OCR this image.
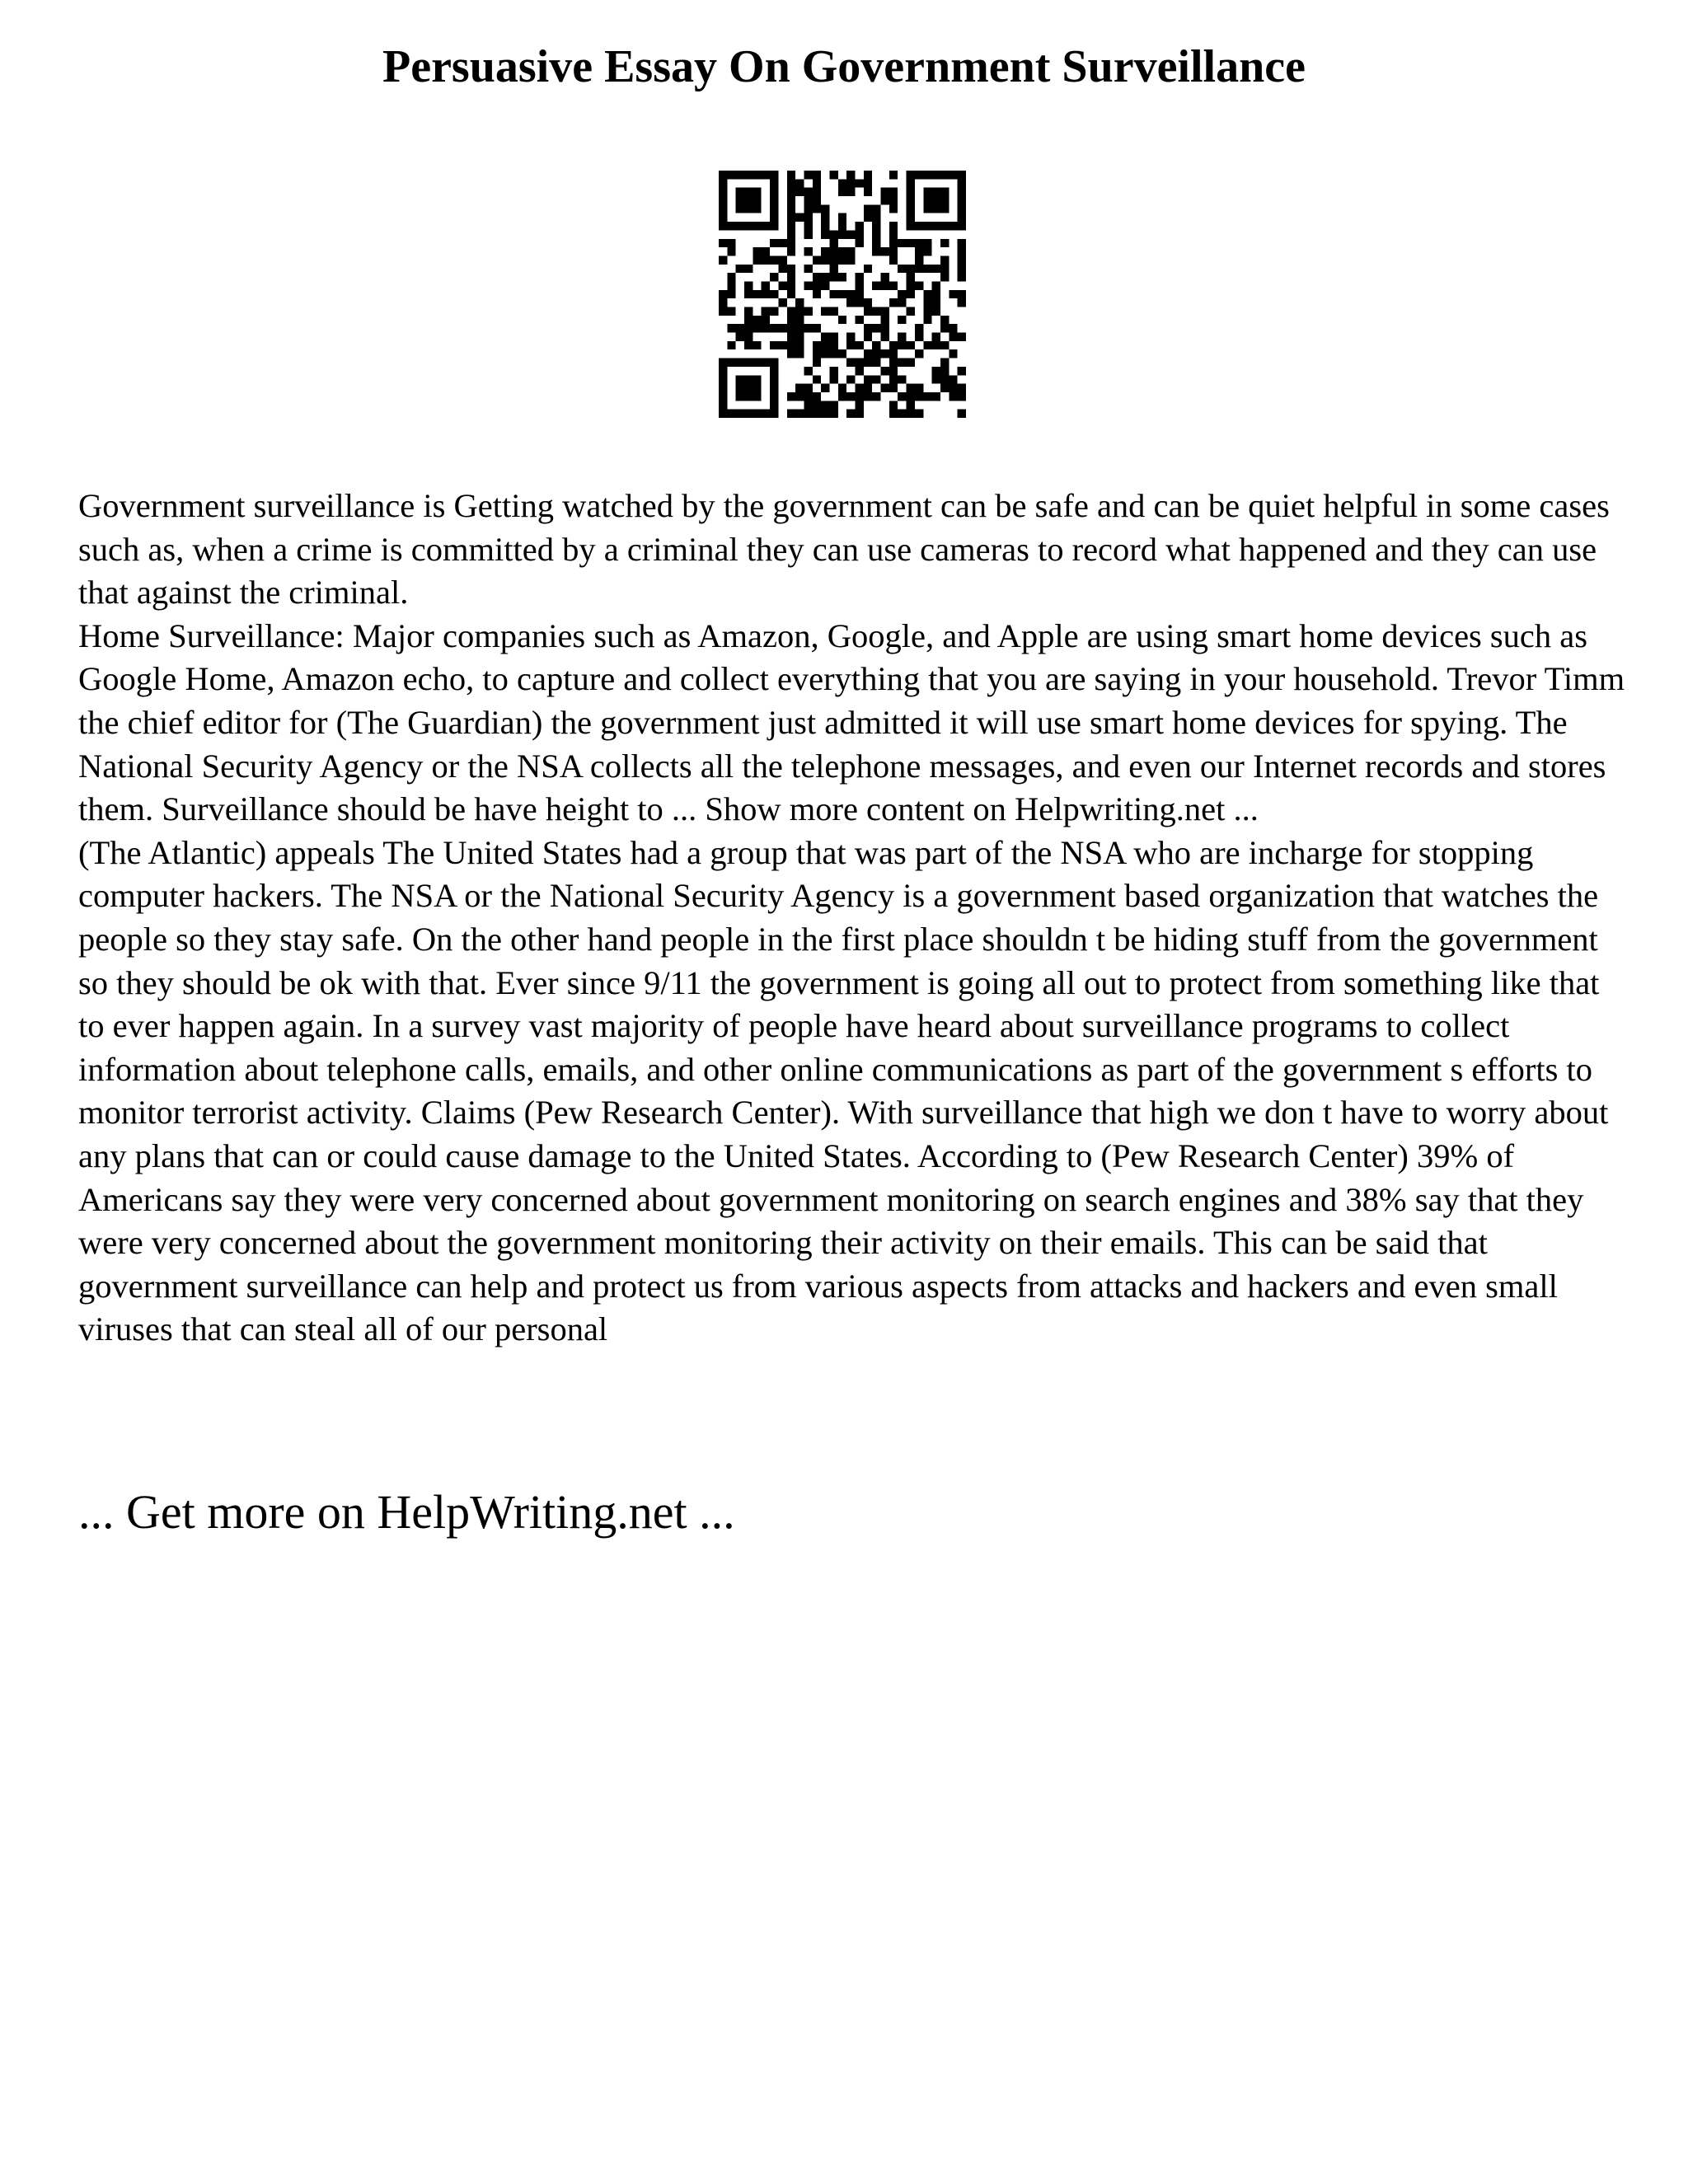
Persuasive Essay On Government Surveillance

Government surveillance is Getting watched by the government can be safe and can be quiet helpful in some cases such as, when a crime is committed by a criminal they can use cameras to record what happened and they can use that against the criminal.

Home Surveillance: Major companies such as Amazon, Google, and Apple are using smart home devices such as Google Home, Amazon echo, to capture and collect everything that you are saying in your household. Trevor Timm the chief editor for (The Guardian) the government just admitted it will use smart home devices for spying. The National Security Agency or the NSA collects all the telephone messages, and even our Internet records and stores them. Surveillance should be have height to ... Show more content on Helpwriting.net ...

(The Atlantic) appeals The United States had a group that was part of the NSA who are incharge for stopping computer hackers. The NSA or the National Security Agency is a government based organization that watches the people so they stay safe. On the other hand people in the first place shouldn t be hiding stuff from the government so they should be ok with that. Ever since 9/11 the government is going all out to protect from something like that to ever happen again. In a survey vast majority of people have heard about surveillance programs to collect information about telephone calls, emails, and other online communications as part of the government s efforts to monitor terrorist activity. Claims (Pew Research Center). With surveillance that high we don t have to worry about any plans that can or could cause damage to the United States. According to (Pew Research Center) 39% of Americans say they were very concerned about government monitoring on search engines and 38% say that they were very concerned about the government monitoring their activity on their emails. This can be said that government surveillance can help and protect us from various aspects from attacks and hackers and even small viruses that can steal all of our personal

... Get more on HelpWriting.net ...
